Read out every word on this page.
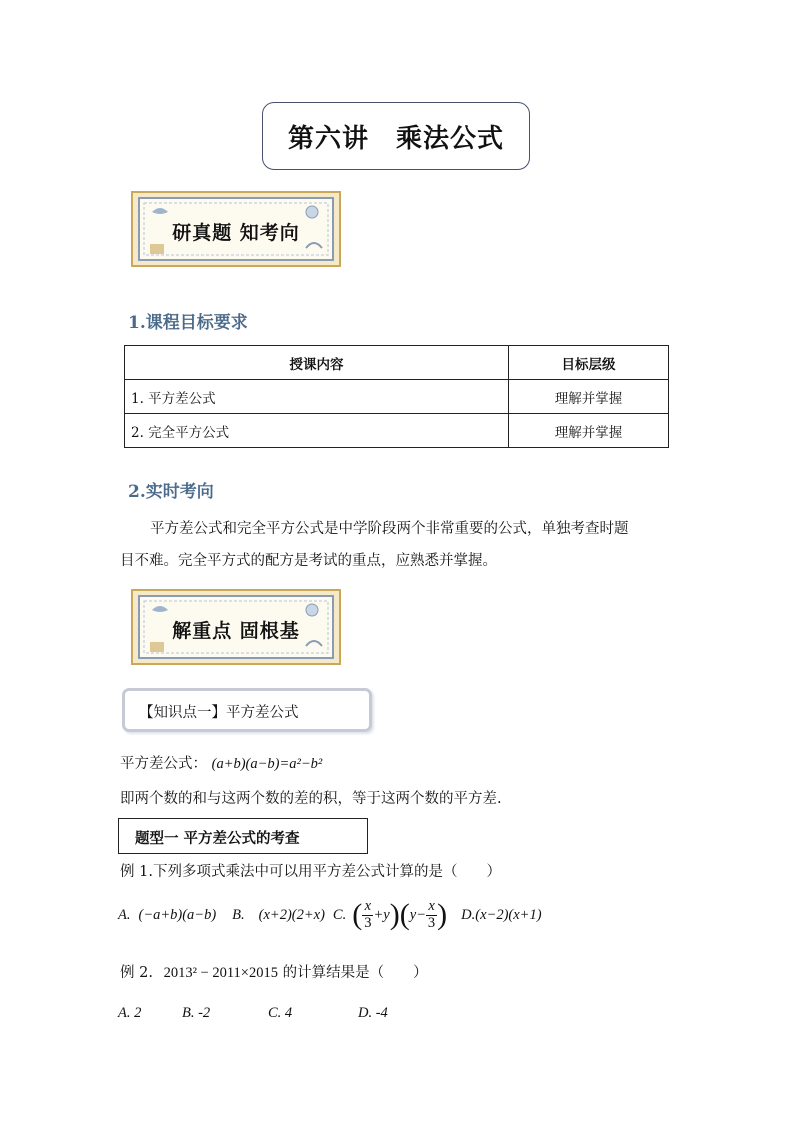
第六讲　乘法公式
研真题 知考向
1.课程目标要求
授课内容	目标层级
1. 平方差公式	理解并掌握
2. 完全平方公式	理解并掌握
2.实时考向
平方差公式和完全平方公式是中学阶段两个非常重要的公式，单独考查时题
目不难。完全平方式的配方是考试的重点，应熟悉并掌握。
解重点 固根基
【知识点一】平方差公式
平方差公式： (a+b)(a−b)=a²−b²
即两个数的和与这两个数的差的积，等于这两个数的平方差.
题型一 平方差公式的考查
例 1.下列多项式乘法中可以用平方差公式计算的是（　　）
A. (−a+b)(a−b) B. (x+2)(2+x) C. ( $\frac{x}{3} +y$ ) ( $y- \frac{x}{3}$ ) D. (x−2)(x+1)
例 2. 2013² − 2011×2015 的计算结果是（　　）
A. 2	B. -2	C. 4	D. -4
